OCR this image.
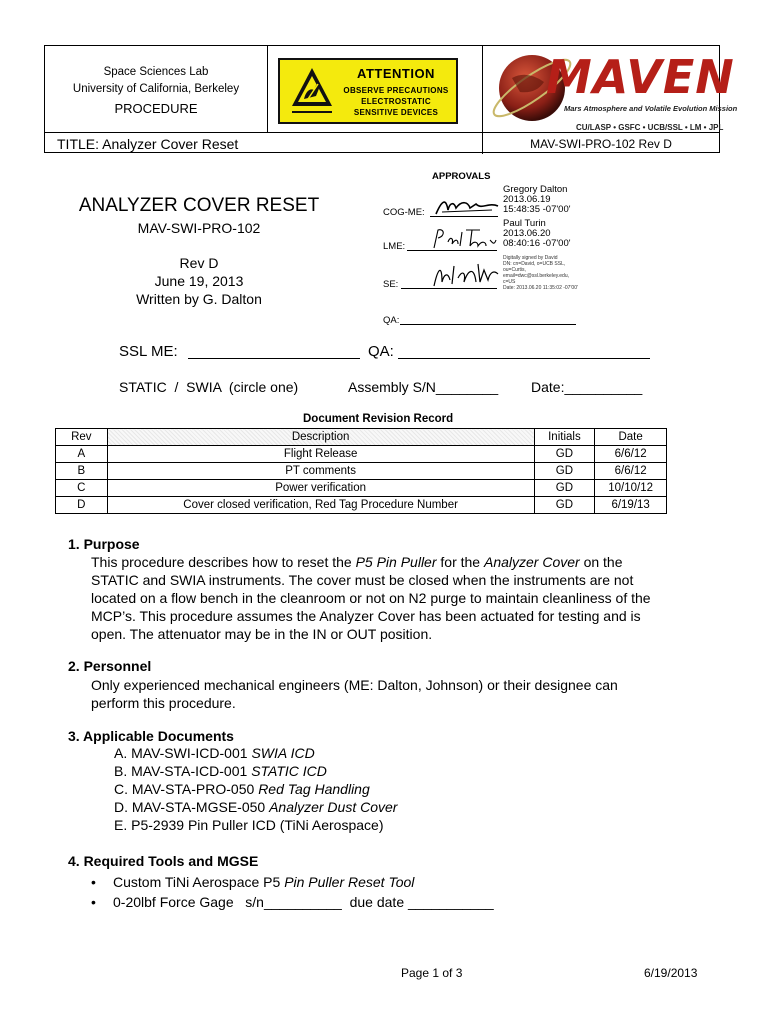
Space Sciences Lab
University of California, Berkeley
PROCEDURE
TITLE: Analyzer Cover Reset	MAV-SWI-PRO-102 Rev D
ATTENTION
OBSERVE PRECAUTIONS
ELECTROSTATIC
SENSITIVE DEVICES
MAVEN
Mars Atmosphere and Volatile Evolution Mission
CU/LASP • GSFC • UCB/SSL • LM • JPL
ANALYZER COVER RESET
MAV-SWI-PRO-102
Rev D
June 19, 2013
Written by G. Dalton
APPROVALS
COG-ME:
Gregory Dalton
2013.06.19
15:48:35 -07'00'
LME:
Paul Turin
2013.06.20
08:40:16 -07'00'
SE:
Digitally signed by David
DN: cn=David, o=UCB SSL,
ou=Curtis,
email=dwc@ssl.berkeley.edu,
c=US
Date: 2013.06.20 11:35:02 -07'00'
QA:
SSL ME:	QA:
STATIC  /  SWIA  (circle one)	Assembly S/N________ Date:__________
Document Revision Record
Rev	Description	Initials	Date
A	Flight Release	GD	6/6/12
B	PT comments	GD	6/6/12
C	Power verification	GD	10/10/12
D	Cover closed verification, Red Tag Procedure Number	GD	6/19/13
1. Purpose
This procedure describes how to reset the P5 Pin Puller for the Analyzer Cover on the
STATIC and SWIA instruments. The cover must be closed when the instruments are not
located on a flow bench in the cleanroom or not on N2 purge to maintain cleanliness of the
MCP’s. This procedure assumes the Analyzer Cover has been actuated for testing and is
open. The attenuator may be in the IN or OUT position.
2. Personnel
Only experienced mechanical engineers (ME: Dalton, Johnson) or their designee can
perform this procedure.
3. Applicable Documents
A. MAV-SWI-ICD-001 SWIA ICD
B. MAV-STA-ICD-001 STATIC ICD
C. MAV-STA-PRO-050 Red Tag Handling
D. MAV-STA-MGSE-050 Analyzer Dust Cover
E. P5-2939 Pin Puller ICD (TiNi Aerospace)
4. Required Tools and MGSE
• Custom TiNi Aerospace P5 Pin Puller Reset Tool
• 0-20lbf Force Gage   s/n__________  due date ___________
Page 1 of 3	6/19/2013
